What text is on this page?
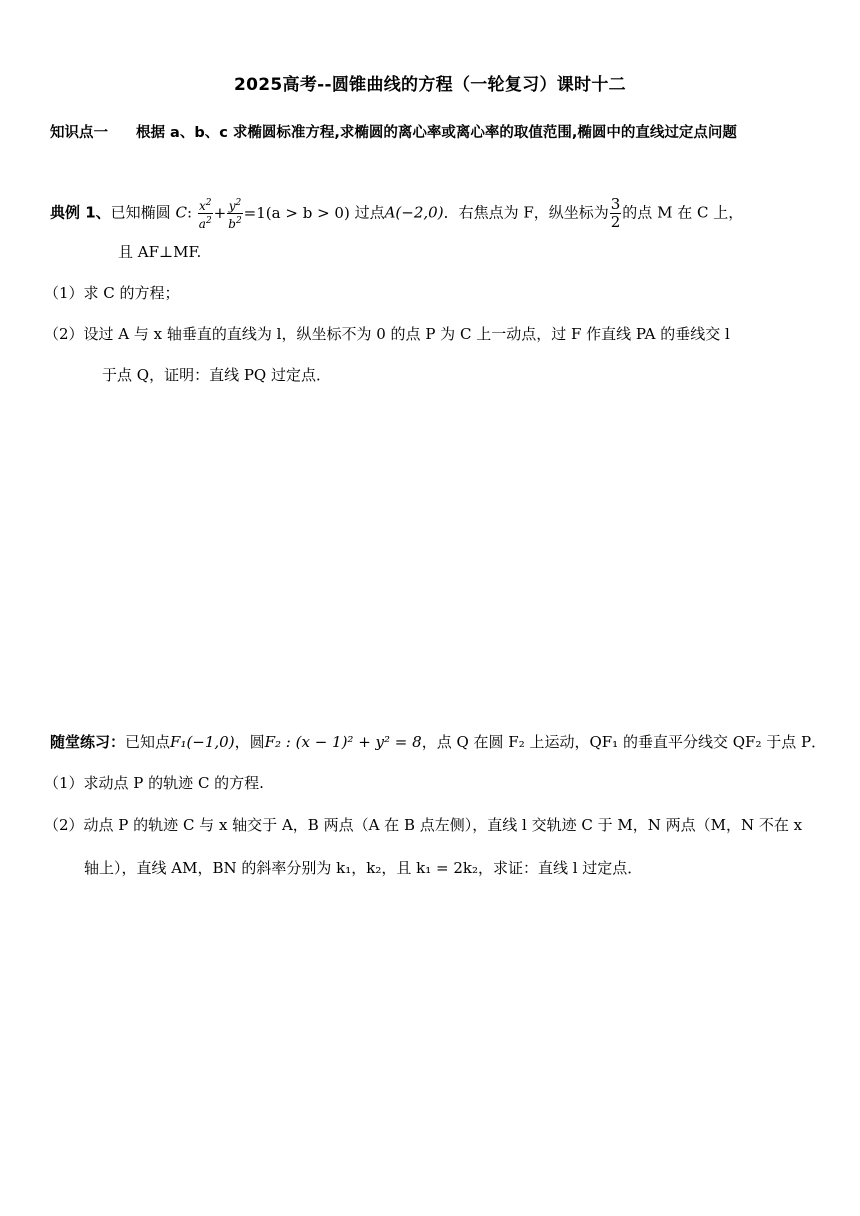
2025高考--圆锥曲线的方程（一轮复习）课时十二
知识点一 根据 a、b、c 求椭圆标准方程,求椭圆的离心率或离心率的取值范围,椭圆中的直线过定点问题
典例 1、已知椭圆 C: $\frac{x^2}{a^2} + \frac{y^2}{b^2} =1(a > b > 0)$ 过点A(−2,0)．右焦点为 F，纵坐标为 $\frac{3}{2}$ 的点 M 在 C 上，
且 AF⊥MF.
（1）求 C 的方程；
（2）设过 A 与 x 轴垂直的直线为 l，纵坐标不为 0 的点 P 为 C 上一动点，过 F 作直线 PA 的垂线交 l
于点 Q，证明：直线 PQ 过定点．
随堂练习：已知点F₁(−1,0)，圆F₂ : (x − 1)² + y² = 8，点 Q 在圆 F₂ 上运动，QF₁ 的垂直平分线交 QF₂ 于点 P．
（1）求动点 P 的轨迹 C 的方程.
（2）动点 P 的轨迹 C 与 x 轴交于 A，B 两点（A 在 B 点左侧），直线 l 交轨迹 C 于 M，N 两点（M，N 不在 x
轴上），直线 AM，BN 的斜率分别为 k₁，k₂，且 k₁ = 2k₂，求证：直线 l 过定点．
